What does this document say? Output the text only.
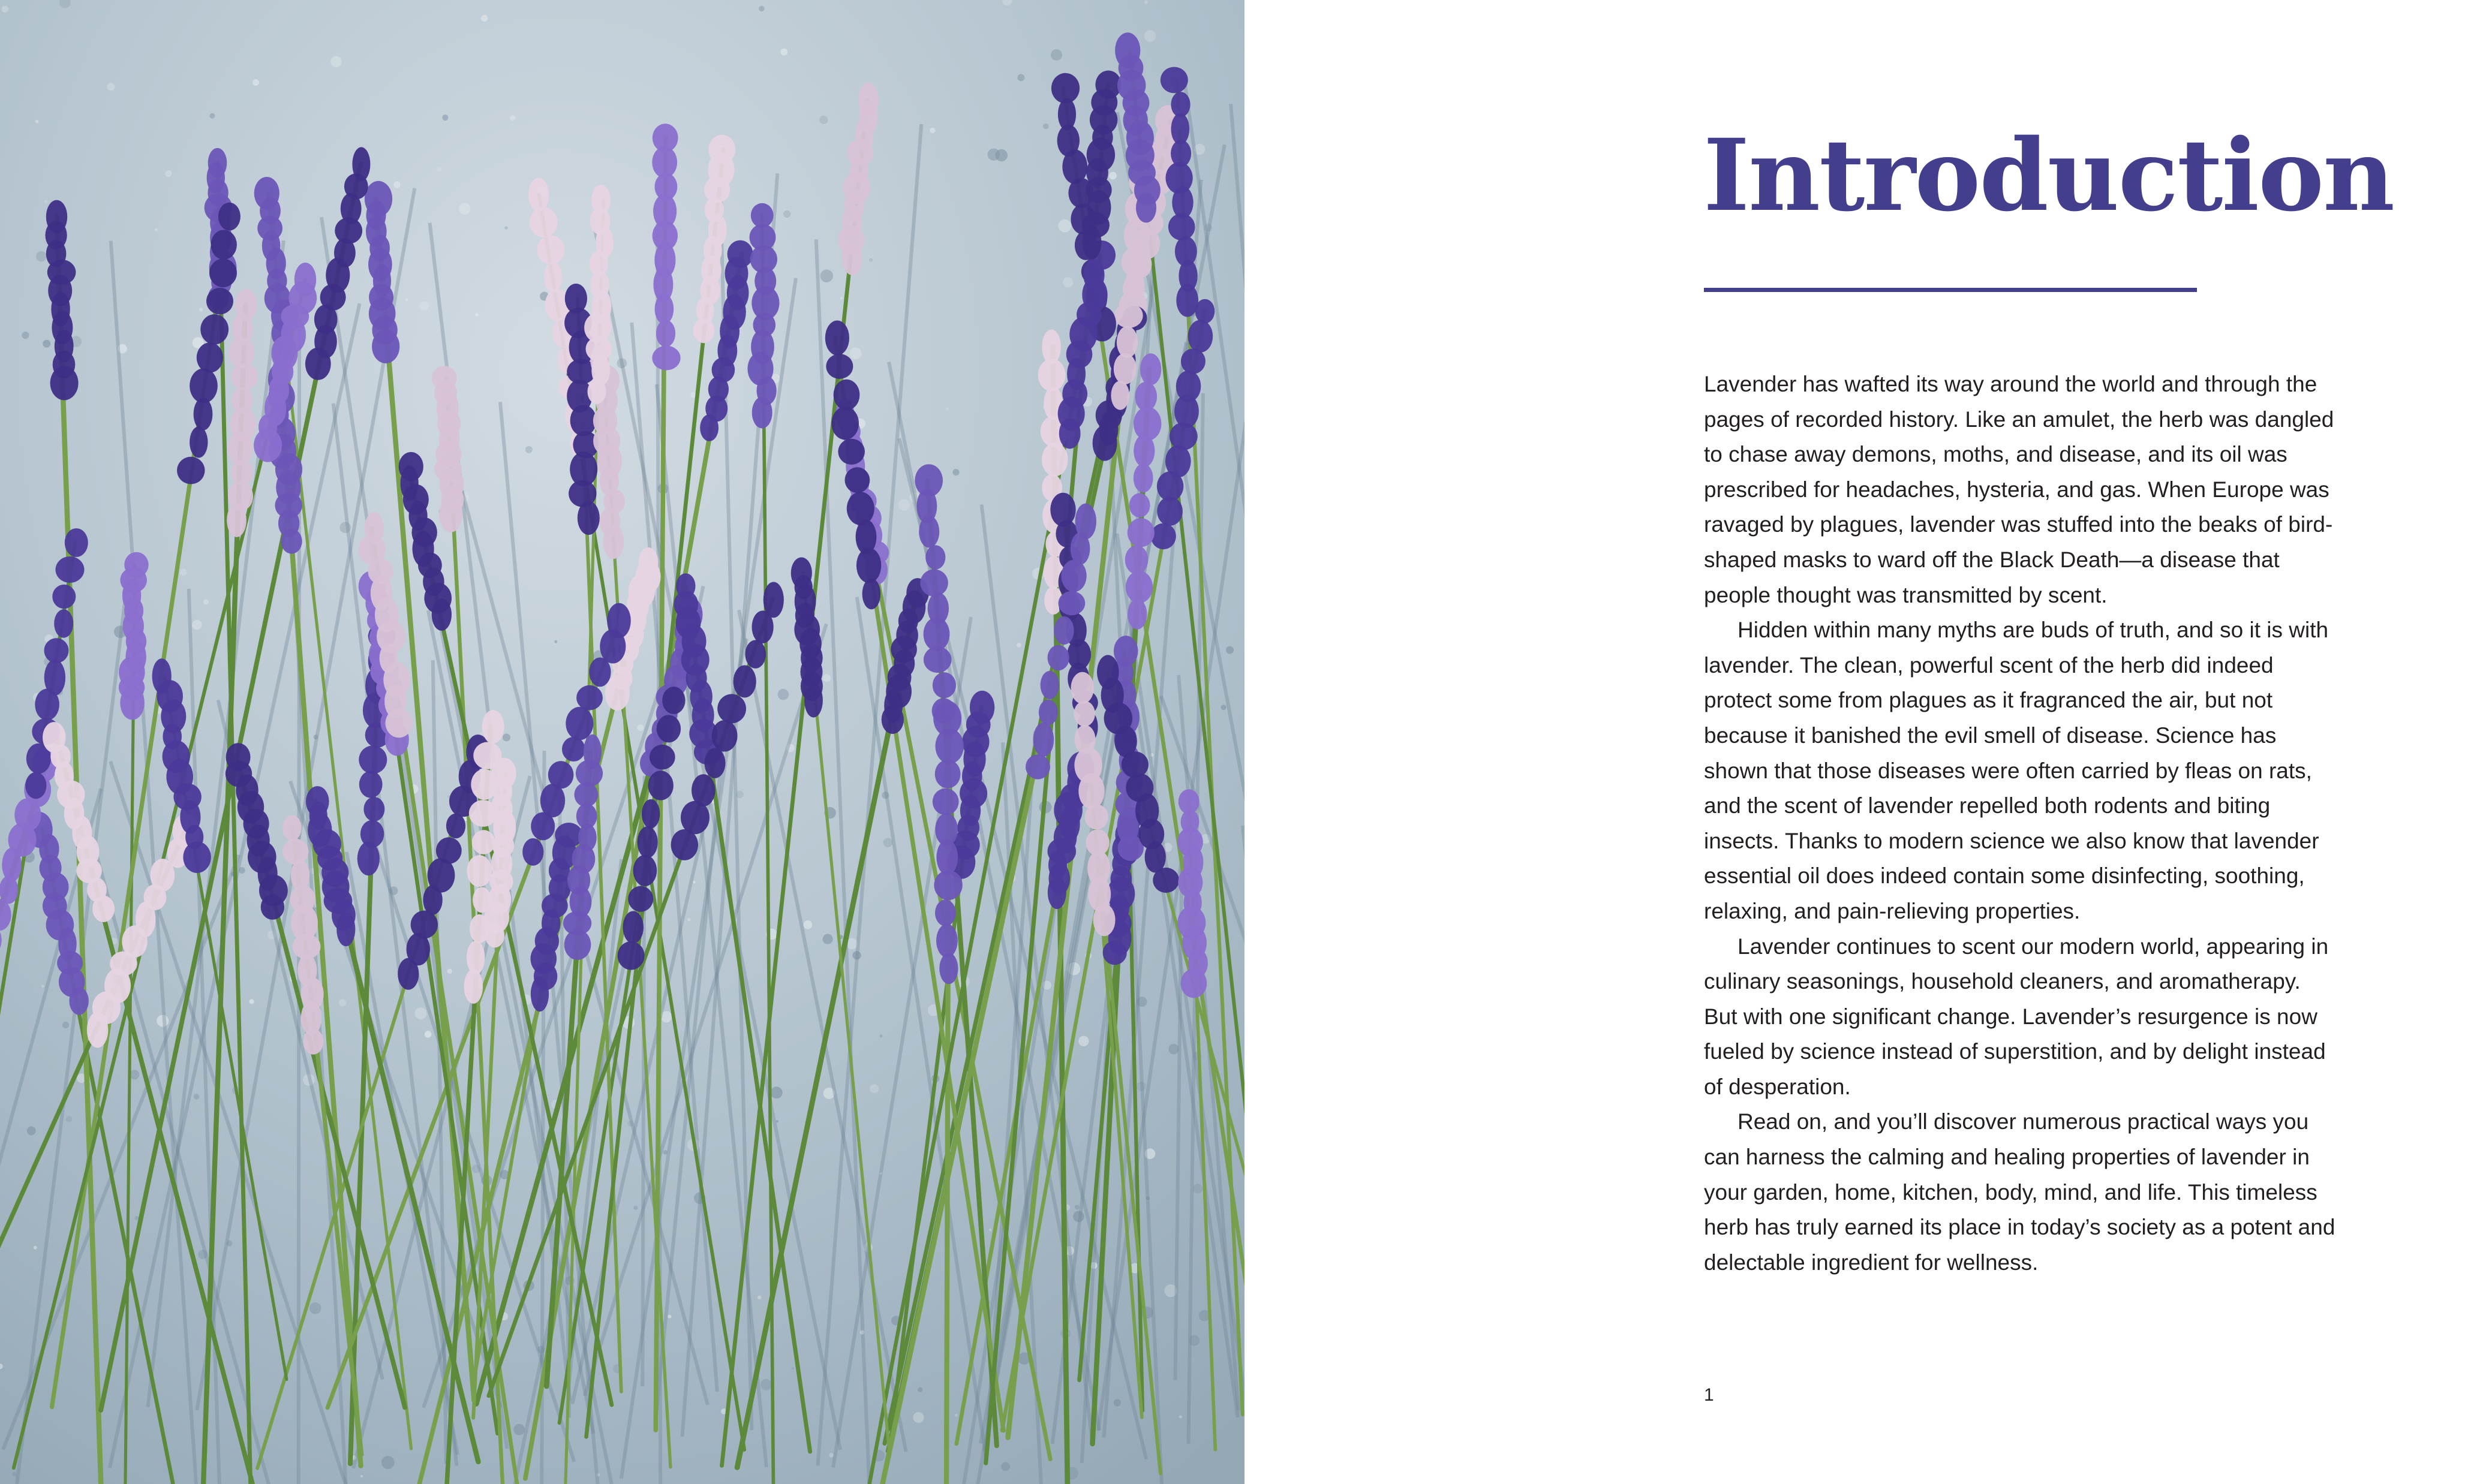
Introduction

Lavender has wafted its way around the world and through the pages of recorded history. Like an amulet, the herb was dangled to chase away demons, moths, and disease, and its oil was prescribed for headaches, hysteria, and gas. When Europe was ravaged by plagues, lavender was stuffed into the beaks of bird-shaped masks to ward off the Black Death—a disease that people thought was transmitted by scent.

Hidden within many myths are buds of truth, and so it is with lavender. The clean, powerful scent of the herb did indeed protect some from plagues as it fragranced the air, but not because it banished the evil smell of disease. Science has shown that those diseases were often carried by fleas on rats, and the scent of lavender repelled both rodents and biting insects. Thanks to modern science we also know that lavender essential oil does indeed contain some disinfecting, soothing, relaxing, and pain-relieving properties.

Lavender continues to scent our modern world, appearing in culinary seasonings, household cleaners, and aromatherapy. But with one significant change. Lavender’s resurgence is now fueled by science instead of superstition, and by delight instead of desperation.

Read on, and you’ll discover numerous practical ways you can harness the calming and healing properties of lavender in your garden, home, kitchen, body, mind, and life. This timeless herb has truly earned its place in today’s society as a potent and delectable ingredient for wellness.

1
